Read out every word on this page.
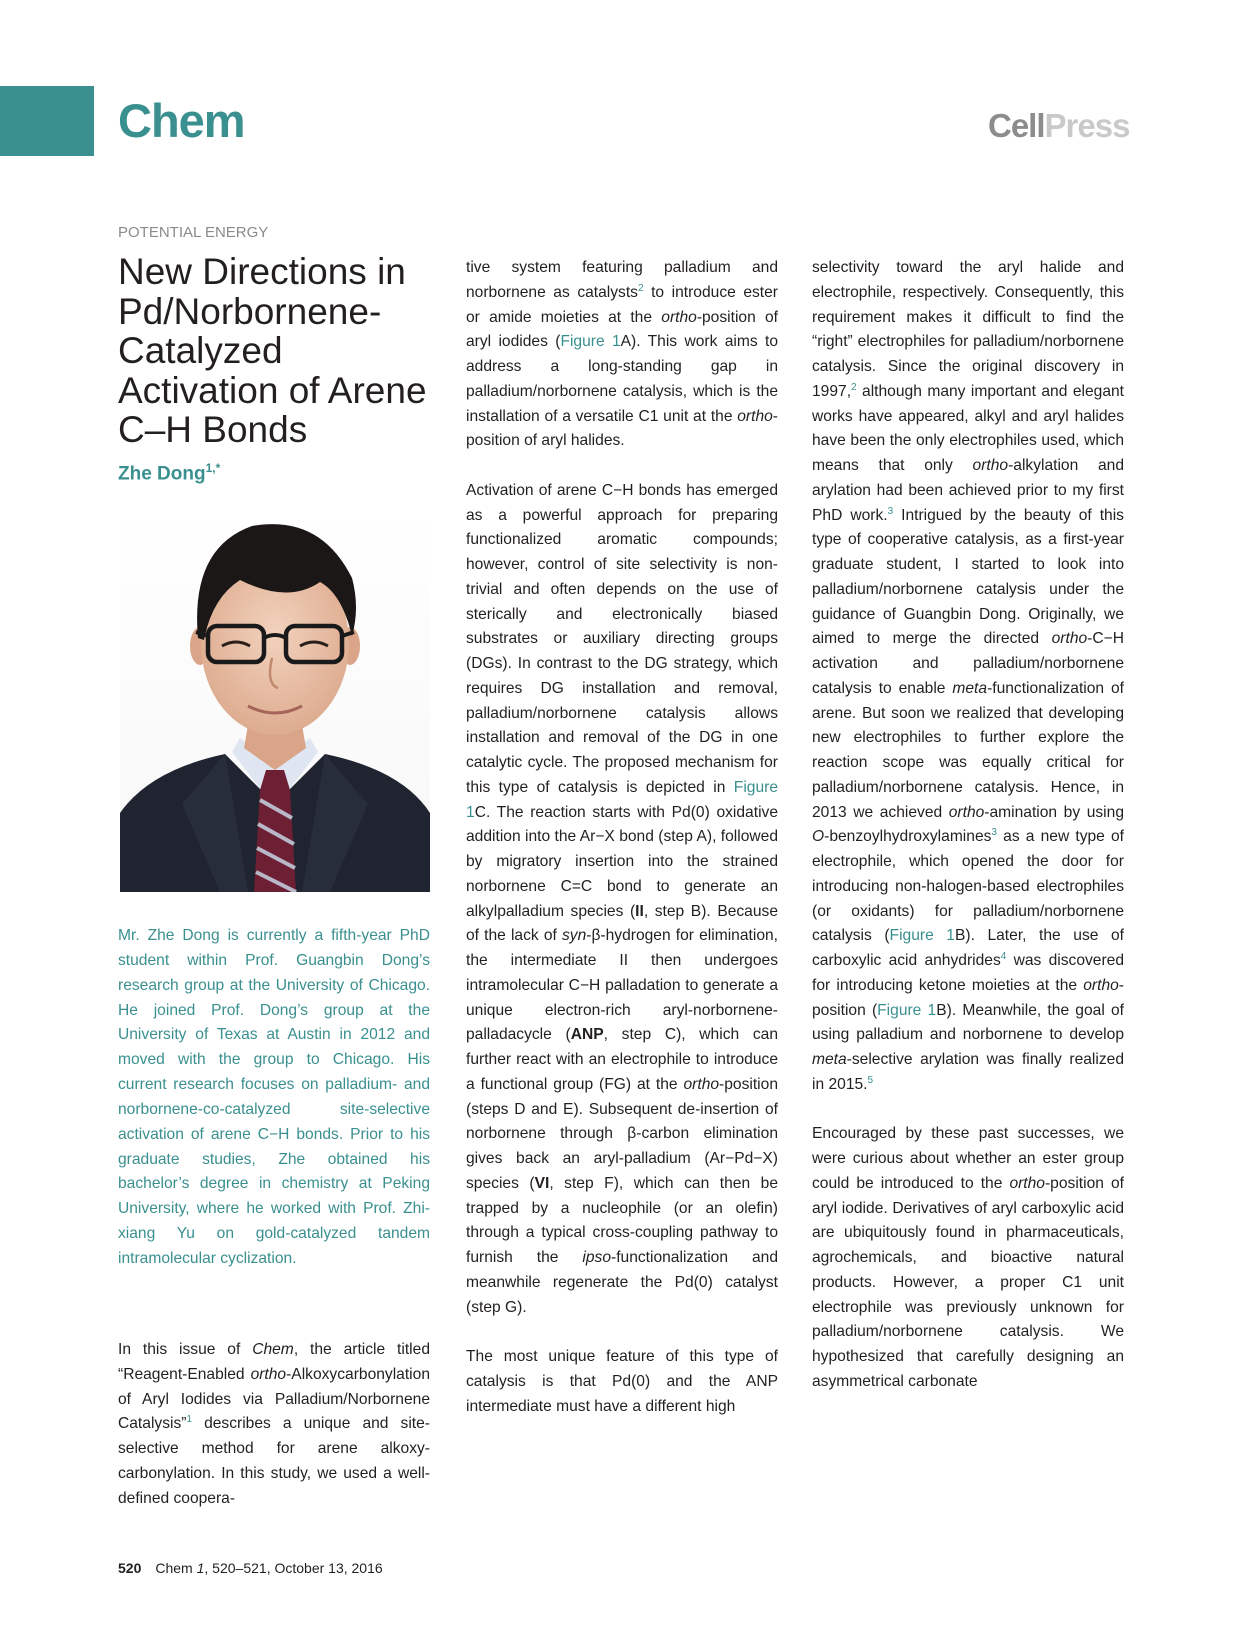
Chem	CellPress
POTENTIAL ENERGY
New Directions in Pd/Norbornene-Catalyzed Activation of Arene C–H Bonds
Zhe Dong$^{1,*}$
Mr. Zhe Dong is currently a fifth-year PhD student within Prof. Guangbin Dong’s research group at the University of Chicago. He joined Prof. Dong’s group at the University of Texas at Austin in 2012 and moved with the group to Chicago. His current research focuses on palladium- and norbornene-co-catalyzed site-selective activation of arene C−H bonds. Prior to his graduate studies, Zhe obtained his bachelor’s degree in chemistry at Peking University, where he worked with Prof. Zhi-xiang Yu on gold-catalyzed tandem intramolecular cyclization.

In this issue of Chem, the article titled “Reagent-Enabled ortho-Alkoxycarbonylation of Aryl Iodides via Palladium/Norbornene Catalysis”$^1$ describes a unique and site-selective method for arene alkoxy-carbonylation. In this study, we used a well-defined coopera-

tive system featuring palladium and norbornene as catalysts$^2$ to introduce ester or amide moieties at the ortho-position of aryl iodides (Figure 1A). This work aims to address a long-standing gap in palladium/norbornene catalysis, which is the installation of a versatile C1 unit at the ortho-position of aryl halides.

Activation of arene C−H bonds has emerged as a powerful approach for preparing functionalized aromatic compounds; however, control of site selectivity is non-trivial and often depends on the use of sterically and electronically biased substrates or auxiliary directing groups (DGs). In contrast to the DG strategy, which requires DG installation and removal, palladium/norbornene catalysis allows installation and removal of the DG in one catalytic cycle. The proposed mechanism for this type of catalysis is depicted in Figure 1C. The reaction starts with Pd(0) oxidative addition into the Ar−X bond (step A), followed by migratory insertion into the strained norbornene C=C bond to generate an alkylpalladium species (II, step B). Because of the lack of syn-β-hydrogen for elimination, the intermediate II then undergoes intramolecular C−H palladation to generate a unique electron-rich aryl-norbornene-palladacycle (ANP, step C), which can further react with an electrophile to introduce a functional group (FG) at the ortho-position (steps D and E). Subsequent de-insertion of norbornene through β-carbon elimination gives back an aryl-palladium (Ar−Pd−X) species (VI, step F), which can then be trapped by a nucleophile (or an olefin) through a typical cross-coupling pathway to furnish the ipso-functionalization and meanwhile regenerate the Pd(0) catalyst (step G).

The most unique feature of this type of catalysis is that Pd(0) and the ANP intermediate must have a different high

selectivity toward the aryl halide and electrophile, respectively. Consequently, this requirement makes it difficult to find the “right” electrophiles for palladium/norbornene catalysis. Since the original discovery in 1997,$^2$ although many important and elegant works have appeared, alkyl and aryl halides have been the only electrophiles used, which means that only ortho-alkylation and arylation had been achieved prior to my first PhD work.$^3$ Intrigued by the beauty of this type of cooperative catalysis, as a first-year graduate student, I started to look into palladium/norbornene catalysis under the guidance of Guangbin Dong. Originally, we aimed to merge the directed ortho-C−H activation and palladium/norbornene catalysis to enable meta-functionalization of arene. But soon we realized that developing new electrophiles to further explore the reaction scope was equally critical for palladium/norbornene catalysis. Hence, in 2013 we achieved ortho-amination by using O-benzoylhydroxylamines$^3$ as a new type of electrophile, which opened the door for introducing non-halogen-based electrophiles (or oxidants) for palladium/norbornene catalysis (Figure 1B). Later, the use of carboxylic acid anhydrides$^4$ was discovered for introducing ketone moieties at the ortho-position (Figure 1B). Meanwhile, the goal of using palladium and norbornene to develop meta-selective arylation was finally realized in 2015.$^5$

Encouraged by these past successes, we were curious about whether an ester group could be introduced to the ortho-position of aryl iodide. Derivatives of aryl carboxylic acid are ubiquitously found in pharmaceuticals, agrochemicals, and bioactive natural products. However, a proper C1 unit electrophile was previously unknown for palladium/norbornene catalysis. We hypothesized that carefully designing an asymmetrical carbonate

520 Chem 1, 520–521, October 13, 2016
